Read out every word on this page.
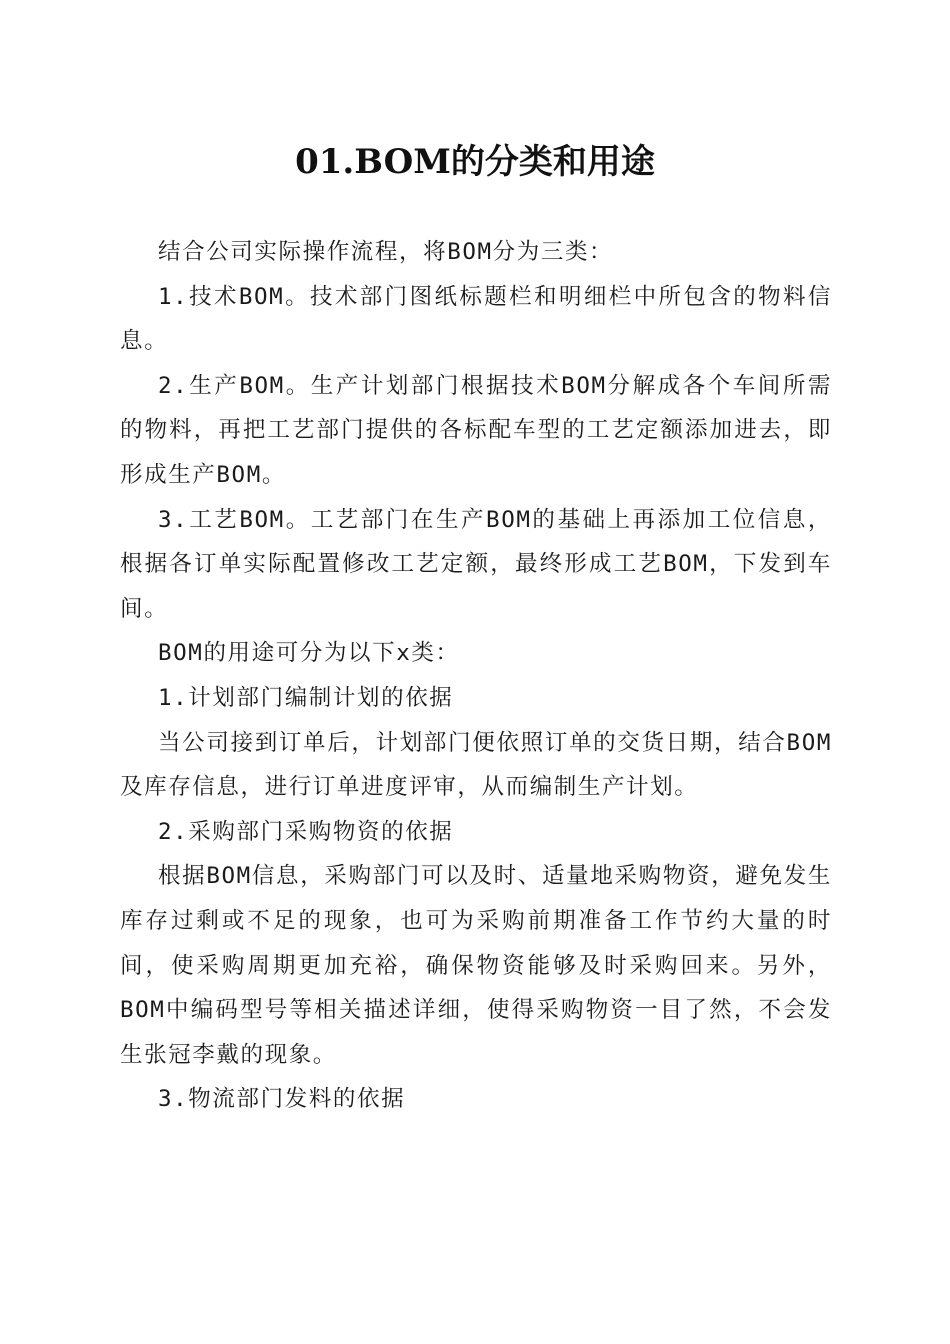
01.BOM的分类和用途

结合公司实际操作流程，将BOM分为三类：

1.技术BOM。技术部门图纸标题栏和明细栏中所包含的物料信息。

2.生产BOM。生产计划部门根据技术BOM分解成各个车间所需的物料，再把工艺部门提供的各标配车型的工艺定额添加进去，即形成生产BOM。

3.工艺BOM。工艺部门在生产BOM的基础上再添加工位信息，根据各订单实际配置修改工艺定额，最终形成工艺BOM，下发到车间。

BOM的用途可分为以下x类：

1.计划部门编制计划的依据

当公司接到订单后，计划部门便依照订单的交货日期，结合BOM及库存信息，进行订单进度评审，从而编制生产计划。

2.采购部门采购物资的依据

根据BOM信息，采购部门可以及时、适量地采购物资，避免发生库存过剩或不足的现象，也可为采购前期准备工作节约大量的时间，使采购周期更加充裕，确保物资能够及时采购回来。另外，BOM中编码型号等相关描述详细，使得采购物资一目了然，不会发生张冠李戴的现象。

3.物流部门发料的依据
